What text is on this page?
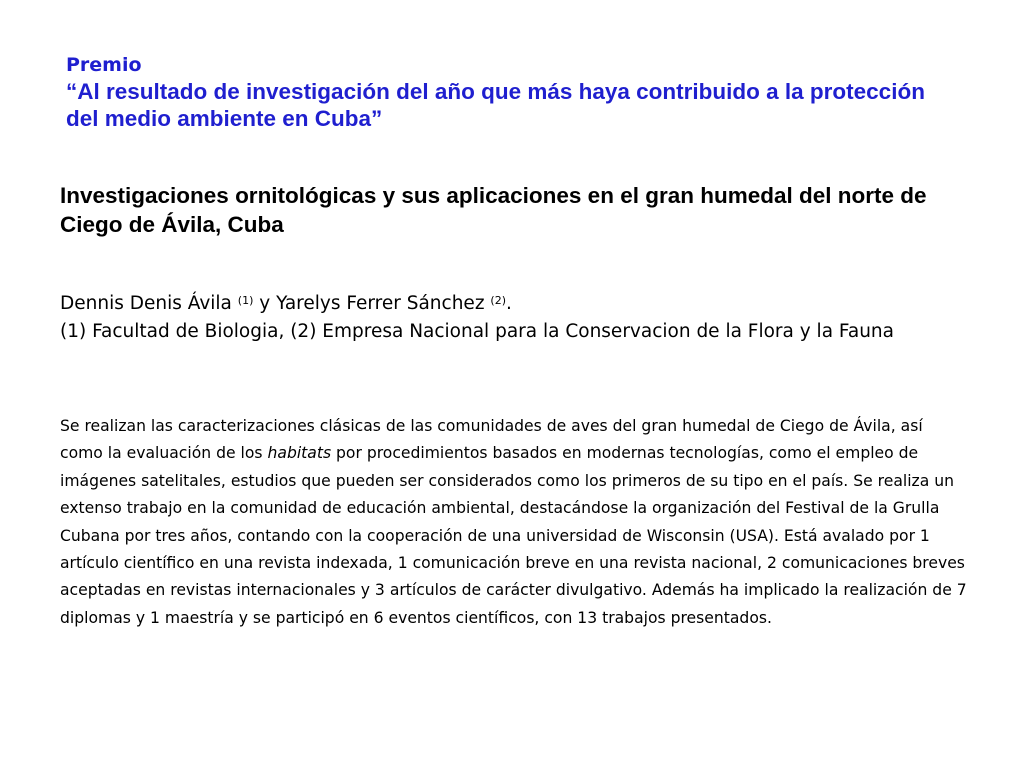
Premio
“Al resultado de investigación del año que más haya contribuido a la protección del medio ambiente en Cuba”
Investigaciones ornitológicas y sus aplicaciones en el gran humedal del norte de Ciego de Ávila, Cuba
Dennis Denis Ávila $^{(1)}$ y Yarelys Ferrer Sánchez $^{(2)}$.
(1) Facultad de Biologia, (2) Empresa Nacional para la Conservacion de la Flora y la Fauna
Se realizan las caracterizaciones clásicas de las comunidades de aves del gran humedal de Ciego de Ávila, así como la evaluación de los habitats por procedimientos basados en modernas tecnologías, como el empleo de imágenes satelitales, estudios que pueden ser considerados como los primeros de su tipo en el país. Se realiza un extenso trabajo en la comunidad de educación ambiental, destacándose la organización del Festival de la Grulla Cubana por tres años, contando con la cooperación de una universidad de Wisconsin (USA). Está avalado por 1 artículo científico en una revista indexada, 1 comunicación breve en una revista nacional, 2 comunicaciones breves aceptadas en revistas internacionales y 3 artículos de carácter divulgativo. Además ha implicado la realización de 7 diplomas y 1 maestría y se participó en 6 eventos científicos, con 13 trabajos presentados.
